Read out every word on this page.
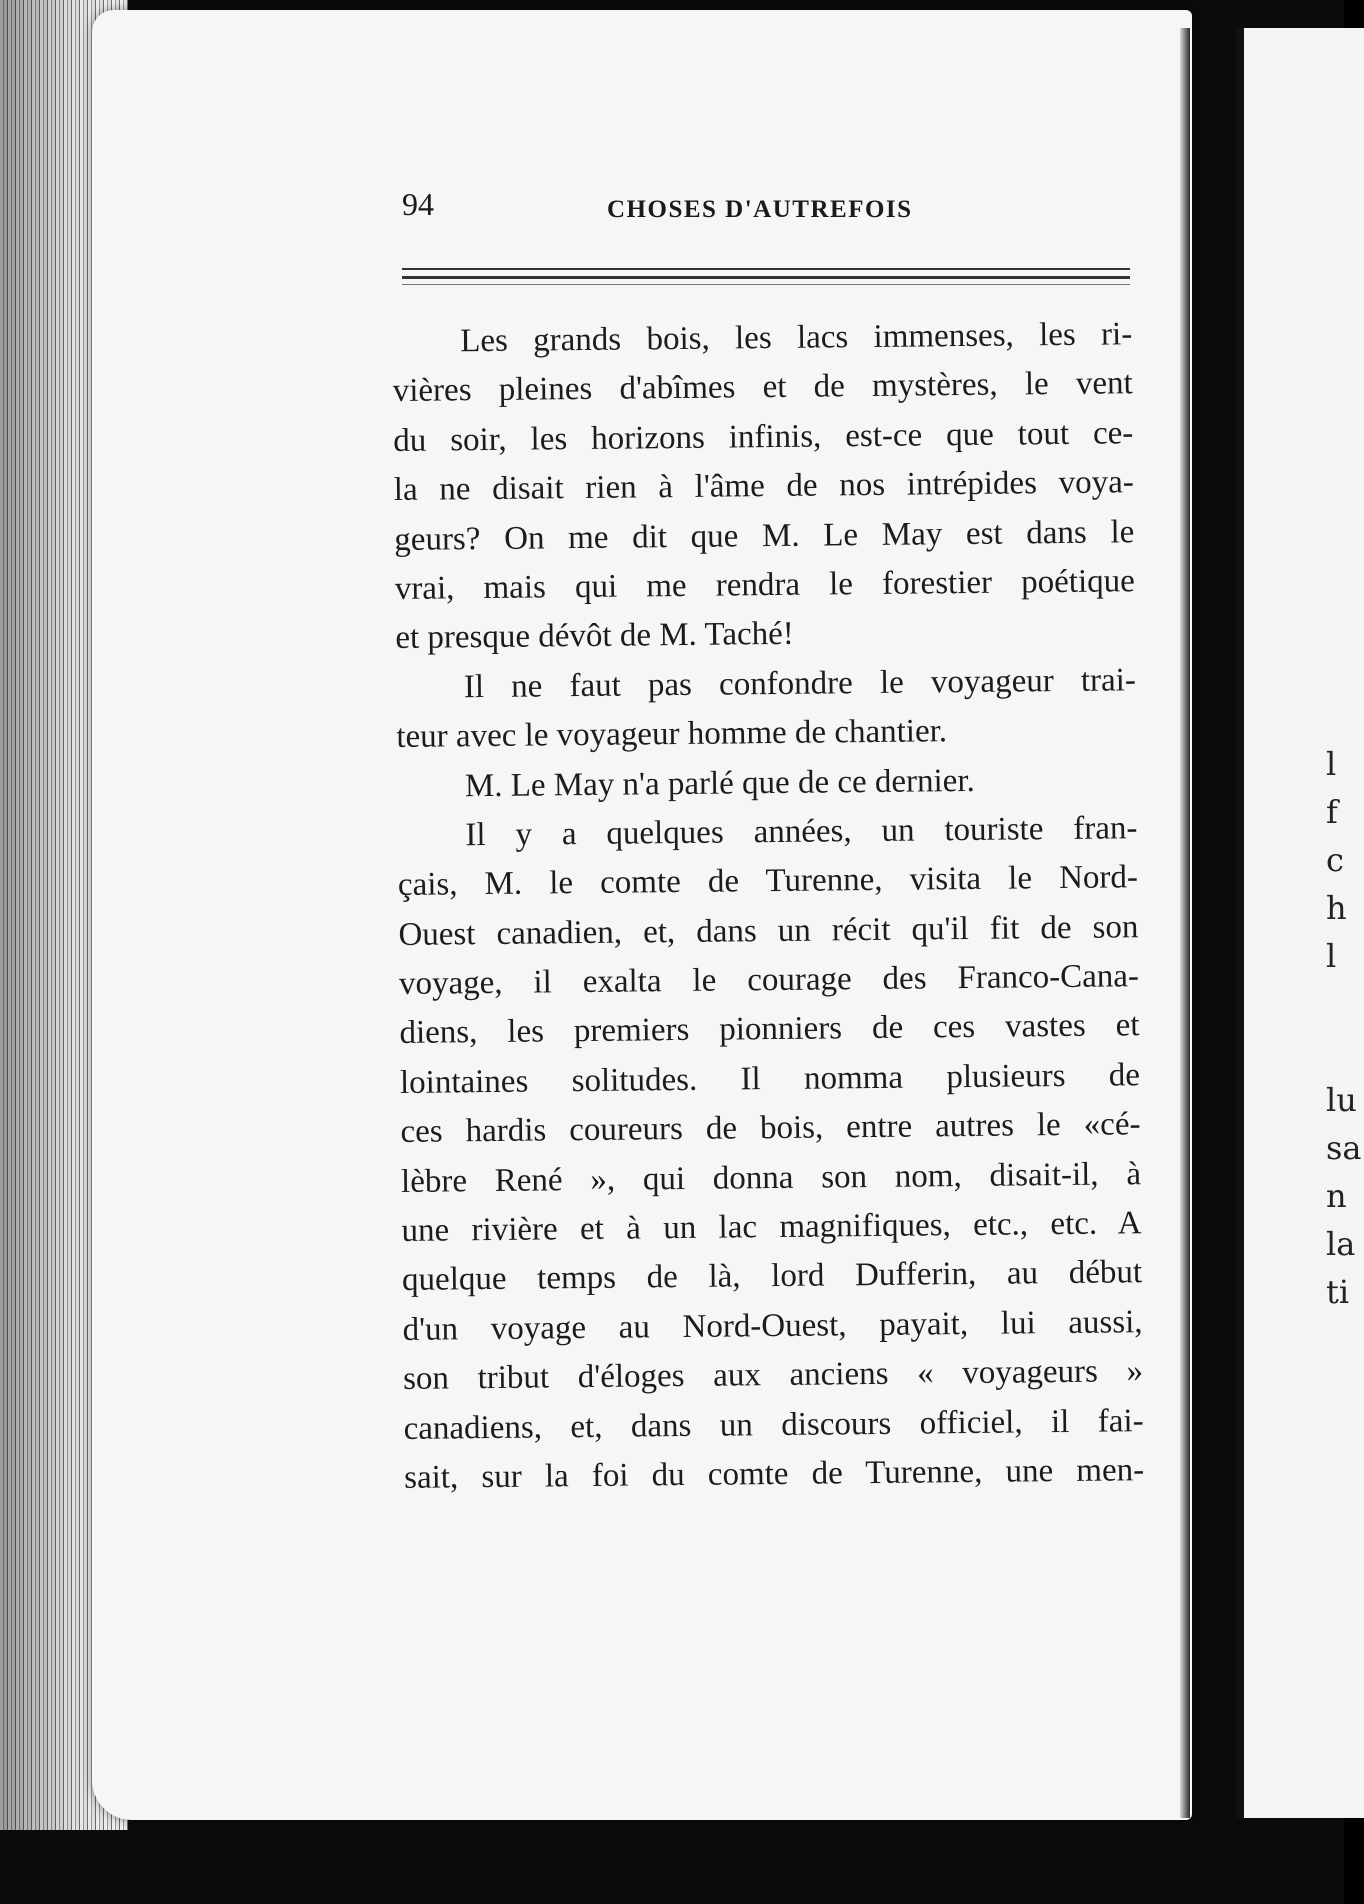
l
f
c
h
l

lu
sa
n
la
ti
94	CHOSES D'AUTREFOIS
Les grands bois, les lacs immenses, les ri-
vières pleines d'abîmes et de mystères, le vent
du soir, les horizons infinis, est-ce que tout ce-
la ne disait rien à l'âme de nos intrépides voya-
geurs? On me dit que M. Le May est dans le
vrai, mais qui me rendra le forestier poétique
et presque dévôt de M. Taché!
Il ne faut pas confondre le voyageur trai-
teur avec le voyageur homme de chantier.
M. Le May n'a parlé que de ce dernier.
Il y a quelques années, un touriste fran-
çais, M. le comte de Turenne, visita le Nord-
Ouest canadien, et, dans un récit qu'il fit de son
voyage, il exalta le courage des Franco-Cana-
diens, les premiers pionniers de ces vastes et
lointaines solitudes. Il nomma plusieurs de
ces hardis coureurs de bois, entre autres le «cé-
lèbre René », qui donna son nom, disait-il, à
une rivière et à un lac magnifiques, etc., etc. A
quelque temps de là, lord Dufferin, au début
d'un voyage au Nord-Ouest, payait, lui aussi,
son tribut d'éloges aux anciens « voyageurs »
canadiens, et, dans un discours officiel, il fai-
sait, sur la foi du comte de Turenne, une men-
